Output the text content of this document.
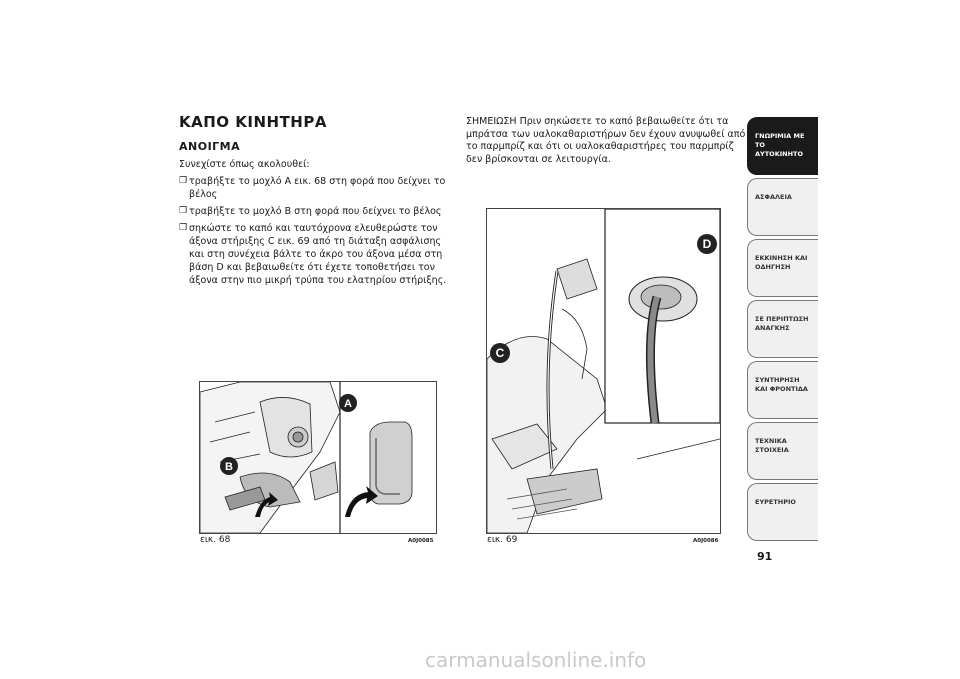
ΚΑΠΟ ΚΙΝΗΤΗΡΑ
ΑΝΟΙΓΜΑ

Συνεχίστε όπως ακολουθεί:

❒ τραβήξτε το μοχλό A εικ. 68 στη φορά που δείχνει το βέλος
❒ τραβήξτε το μοχλό B στη φορά που δείχνει το βέλος
❒ σηκώστε το καπό και ταυτόχρονα ελευθερώστε τον άξονα στήριξης C εικ. 69 από τη διάταξη ασφάλισης και στη συνέχεια βάλτε το άκρο του άξονα μέσα στη βάση D και βεβαιωθείτε ότι έχετε τοποθετήσει τον άξονα στην πιο μικρή τρύπα του ελατηρίου στήριξης.
ΣΗΜΕΙΩΣΗ Πριν σηκώσετε το καπό βεβαιωθείτε ότι τα μπράτσα των υαλοκαθαριστήρων δεν έχουν ανυψωθεί από το παρμπρίζ και ότι οι υαλοκαθαριστήρες του παρμπρίζ δεν βρίσκονται σε λειτουργία.
A
B
εικ. 68	A0J0085
D
C
εικ. 69	A0J0086
ΓΝΩΡΙΜΙΑ ΜΕ ΤΟ ΑΥΤΟΚΙΝΗΤΟ
ΑΣΦΑΛΕΙΑ
ΕΚΚΙΝΗΣΗ ΚΑΙ ΟΔΗΓΗΣΗ
ΣΕ ΠΕΡΙΠΤΩΣΗ ΑΝΑΓΚΗΣ
ΣΥΝΤΗΡΗΣΗ ΚΑΙ ΦΡΟΝΤΙΔΑ
ΤΕΧΝΙΚΑ ΣΤΟΙΧΕΙΑ
ΕΥΡΕΤΗΡΙΟ
91
carmanualsonline.info
